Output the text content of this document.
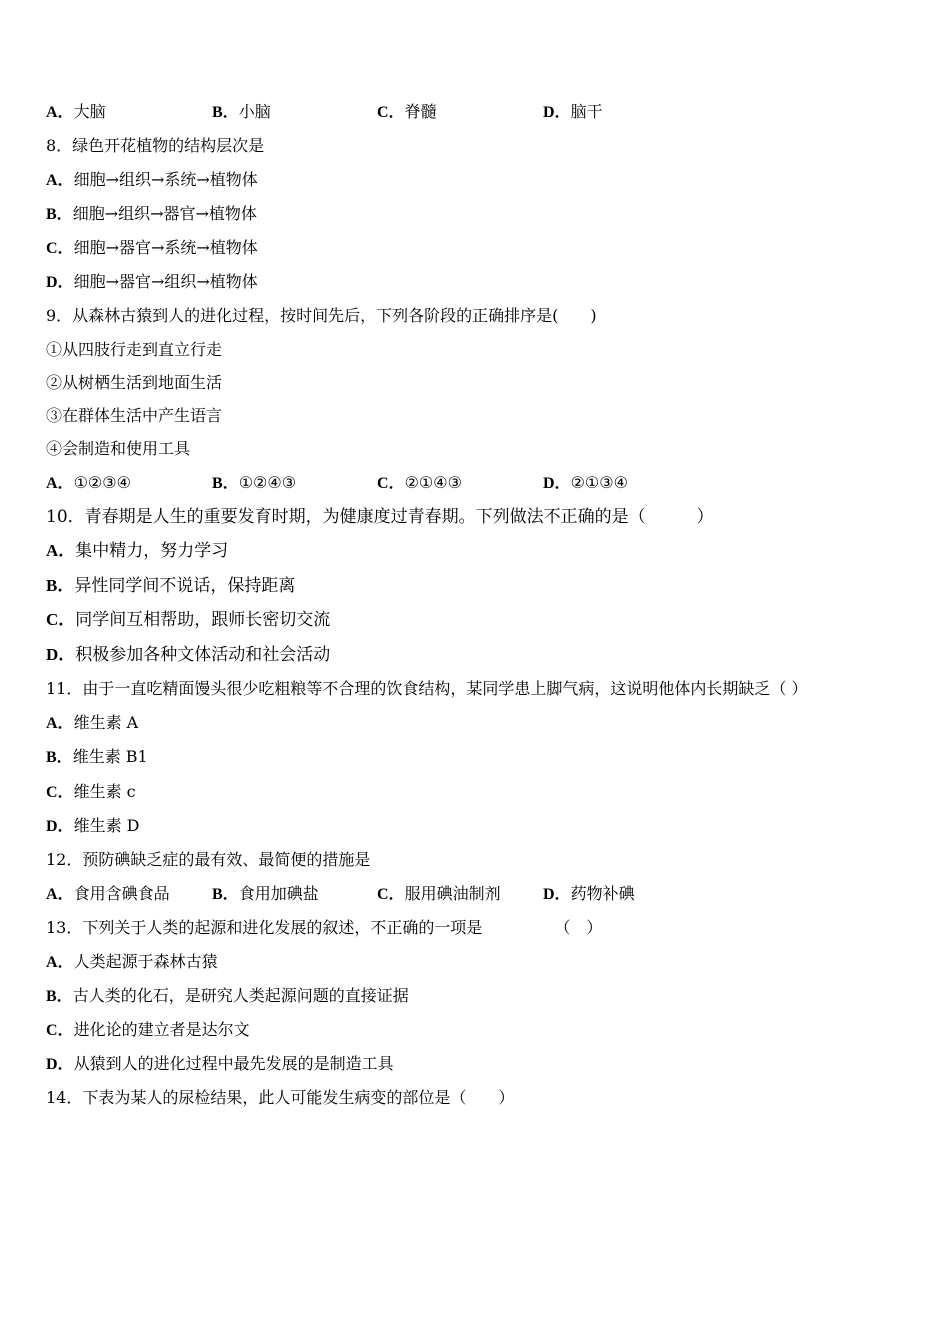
A．大脑	B．小脑	C．脊髓	D．脑干
8．绿色开花植物的结构层次是
A．细胞→组织→系统→植物体
B．细胞→组织→器官→植物体
C．细胞→器官→系统→植物体
D．细胞→器官→组织→植物体
9．从森林古猿到人的进化过程，按时间先后，下列各阶段的正确排序是(　　)
①从四肢行走到直立行走
②从树栖生活到地面生活
③在群体生活中产生语言
④会制造和使用工具
A．①②③④	B．①②④③	C．②①④③	D．②①③④
10．青春期是人生的重要发育时期，为健康度过青春期。下列做法不正确的是（　　　）
A．集中精力，努力学习
B．异性同学间不说话，保持距离
C．同学间互相帮助，跟师长密切交流
D．积极参加各种文体活动和社会活动
11．由于一直吃精面馒头很少吃粗粮等不合理的饮食结构，某同学患上脚气病，这说明他体内长期缺乏（ ）
A．维生素 A
B．维生素 B1
C．维生素 c
D．维生素 D
12．预防碘缺乏症的最有效、最简便的措施是
A．食用含碘食品	B．食用加碘盐	C．服用碘油制剂	D．药物补碘
13．下列关于人类的起源和进化发展的叙述，不正确的一项是　　　　　（　）
A．人类起源于森林古猿
B．古人类的化石，是研究人类起源问题的直接证据
C．进化论的建立者是达尔文
D．从猿到人的进化过程中最先发展的是制造工具
14．下表为某人的尿检结果，此人可能发生病变的部位是（　　）
